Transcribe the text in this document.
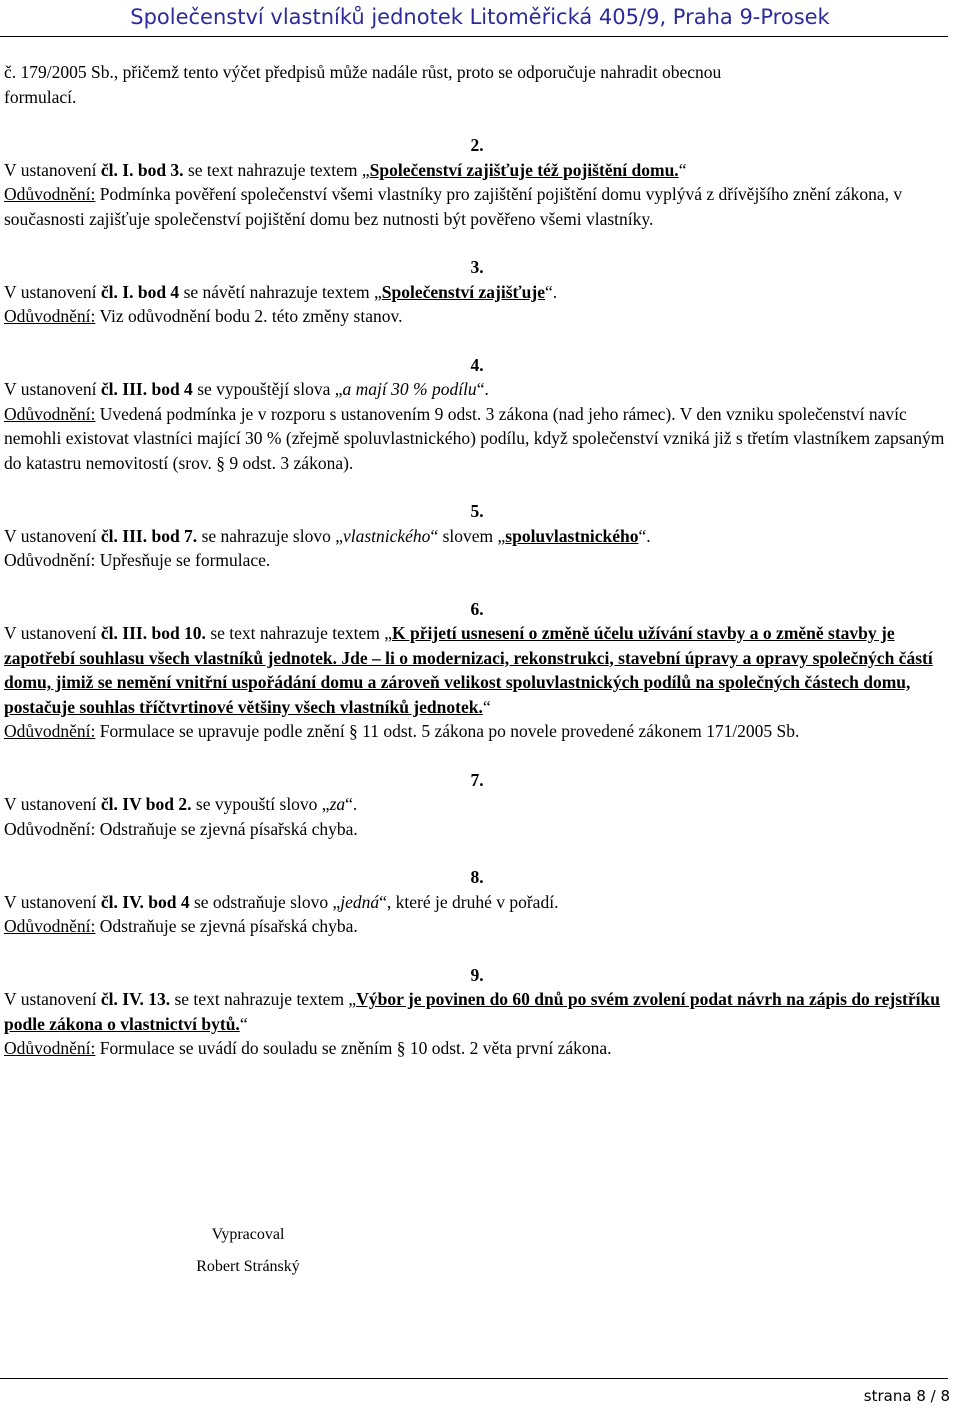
Společenství vlastníků jednotek Litoměřická 405/9, Praha 9-Prosek

č. 179/2005 Sb., přičemž tento výčet předpisů může nadále růst, proto se odporučuje nahradit obecnou

formulací.

2.

V ustanovení čl. I. bod 3. se text nahrazuje textem „Společenství zajišťuje též pojištění domu.“

Odůvodnění: Podmínka pověření společenství všemi vlastníky pro zajištění pojištění domu vyplývá z dřívějšího znění zákona, v současnosti zajišťuje společenství pojištění domu bez nutnosti být pověřeno všemi vlastníky.

3.

V ustanovení čl. I. bod 4 se návětí nahrazuje textem „Společenství zajišťuje“.

Odůvodnění: Viz odůvodnění bodu 2. této změny stanov.

4.

V ustanovení čl. III. bod 4 se vypouštějí slova „a mají 30 % podílu“.

Odůvodnění: Uvedená podmínka je v rozporu s ustanovením 9 odst. 3 zákona (nad jeho rámec). V den vzniku společenství navíc nemohli existovat vlastníci mající 30 % (zřejmě spoluvlastnického) podílu, když společenství vzniká již s třetím vlastníkem zapsaným do katastru nemovitostí (srov. § 9 odst. 3 zákona).

5.

V ustanovení čl. III. bod 7. se nahrazuje slovo „vlastnického“ slovem „spoluvlastnického“.

Odůvodnění: Upřesňuje se formulace.

6.

V ustanovení čl. III. bod 10. se text nahrazuje textem „K přijetí usnesení o změně účelu užívání stavby a o změně stavby je zapotřebí souhlasu všech vlastníků jednotek. Jde – li o modernizaci, rekonstrukci, stavební úpravy a opravy společných částí domu, jimiž se nemění vnitřní uspořádání domu a zároveň velikost spoluvlastnických podílů na společných částech domu, postačuje souhlas tříčtvrtinové většiny všech vlastníků jednotek.“

Odůvodnění: Formulace se upravuje podle znění § 11 odst. 5 zákona po novele provedené zákonem 171/2005 Sb.

7.

V ustanovení čl. IV bod 2. se vypouští slovo „za“.

Odůvodnění: Odstraňuje se zjevná písařská chyba.

8.

V ustanovení čl. IV. bod 4 se odstraňuje slovo „jedná“, které je druhé v pořadí.

Odůvodnění: Odstraňuje se zjevná písařská chyba.

9.

V ustanovení čl. IV. 13. se text nahrazuje textem „Výbor je povinen do 60 dnů po svém zvolení podat návrh na zápis do rejstříku podle zákona o vlastnictví bytů.“

Odůvodnění: Formulace se uvádí do souladu se zněním § 10 odst. 2 věta první zákona.

Vypracoval
Robert Stránský
strana 8 / 8
